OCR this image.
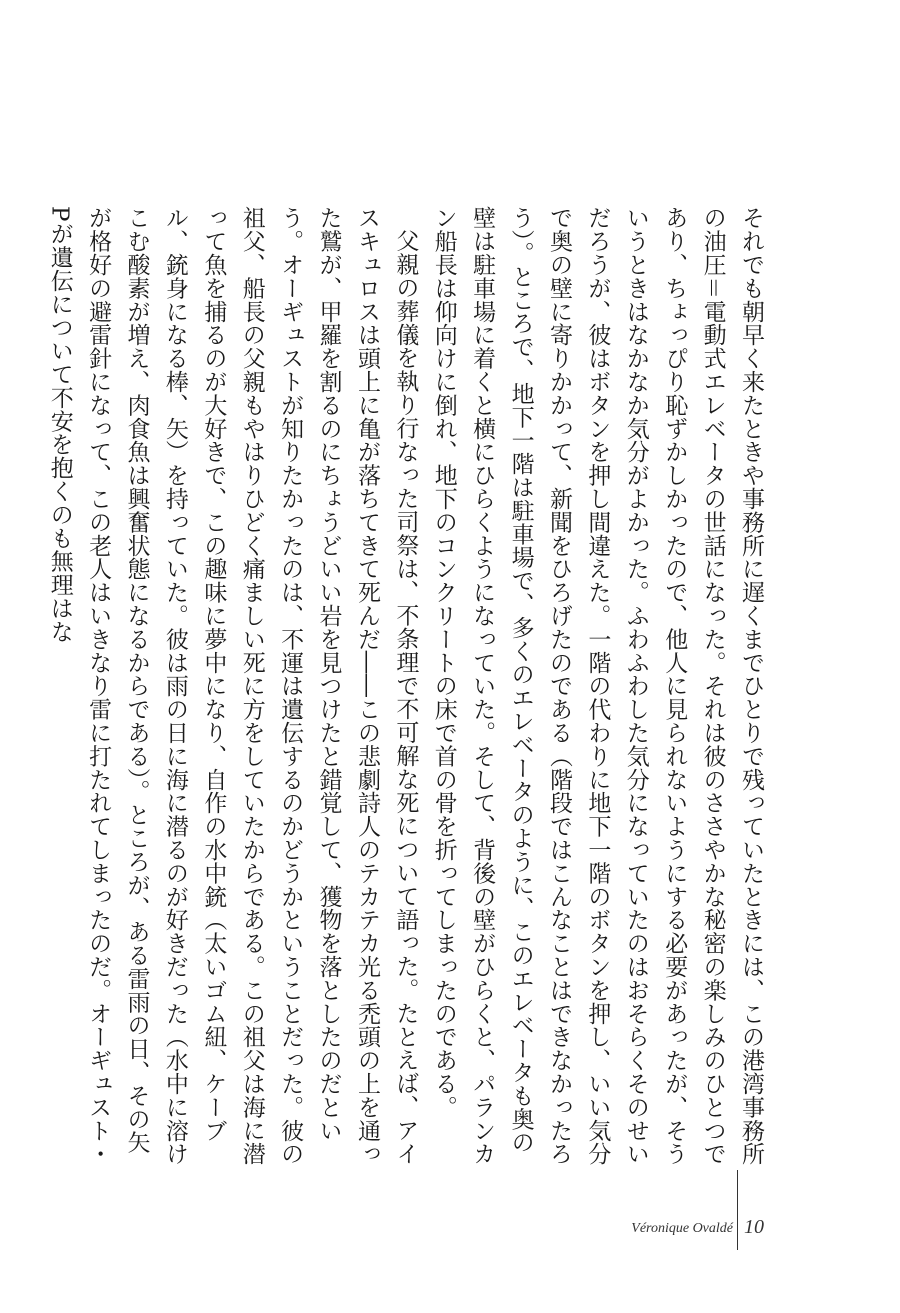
それでも朝早く来たときや事務所に遅くまでひとりで残っていたときには、この港湾事務所の油圧＝電動式エレベータの世話になった。それは彼のささやかな秘密の楽しみのひとつであり、ちょっぴり恥ずかしかったので、他人に見られないようにする必要があったが、そういうときはなかなか気分がよかった。ふわふわした気分になっていたのはおそらくそのせいだろうが、彼はボタンを押し間違えた。一階の代わりに地下一階のボタンを押し、いい気分で奥の壁に寄りかかって、新聞をひろげたのである（階段ではこんなことはできなかったろう）。ところで、地下一階は駐車場で、多くのエレベータのように、このエレベータも奥の壁は駐車場に着くと横にひらくようになっていた。そして、背後の壁がひらくと、パランカン船長は仰向けに倒れ、地下のコンクリートの床で首の骨を折ってしまったのである。

父親の葬儀を執り行なった司祭は、不条理で不可解な死について語った。たとえば、アイスキュロスは頭上に亀が落ちてきて死んだ――この悲劇詩人のテカテカ光る禿頭の上を通った鷲が、甲羅を割るのにちょうどいい岩を見つけたと錯覚して、獲物を落としたのだという。オーギュストが知りたかったのは、不運は遺伝するのかどうかということだった。彼の祖父、船長の父親もやはりひどく痛ましい死に方をしていたからである。この祖父は海に潜って魚を捕るのが大好きで、この趣味に夢中になり、自作の水中銃（太いゴム紐、ケーブル、銃身になる棒、矢）を持っていた。彼は雨の日に海に潜るのが好きだった（水中に溶けこむ酸素が増え、肉食魚は興奮状態になるからである）。ところが、ある雷雨の日、その矢が格好の避雷針になって、この老人はいきなり雷に打たれてしまったのだ。オーギュスト・Pが遺伝について不安を抱くのも無理はな

Véronique Ovaldé 10
